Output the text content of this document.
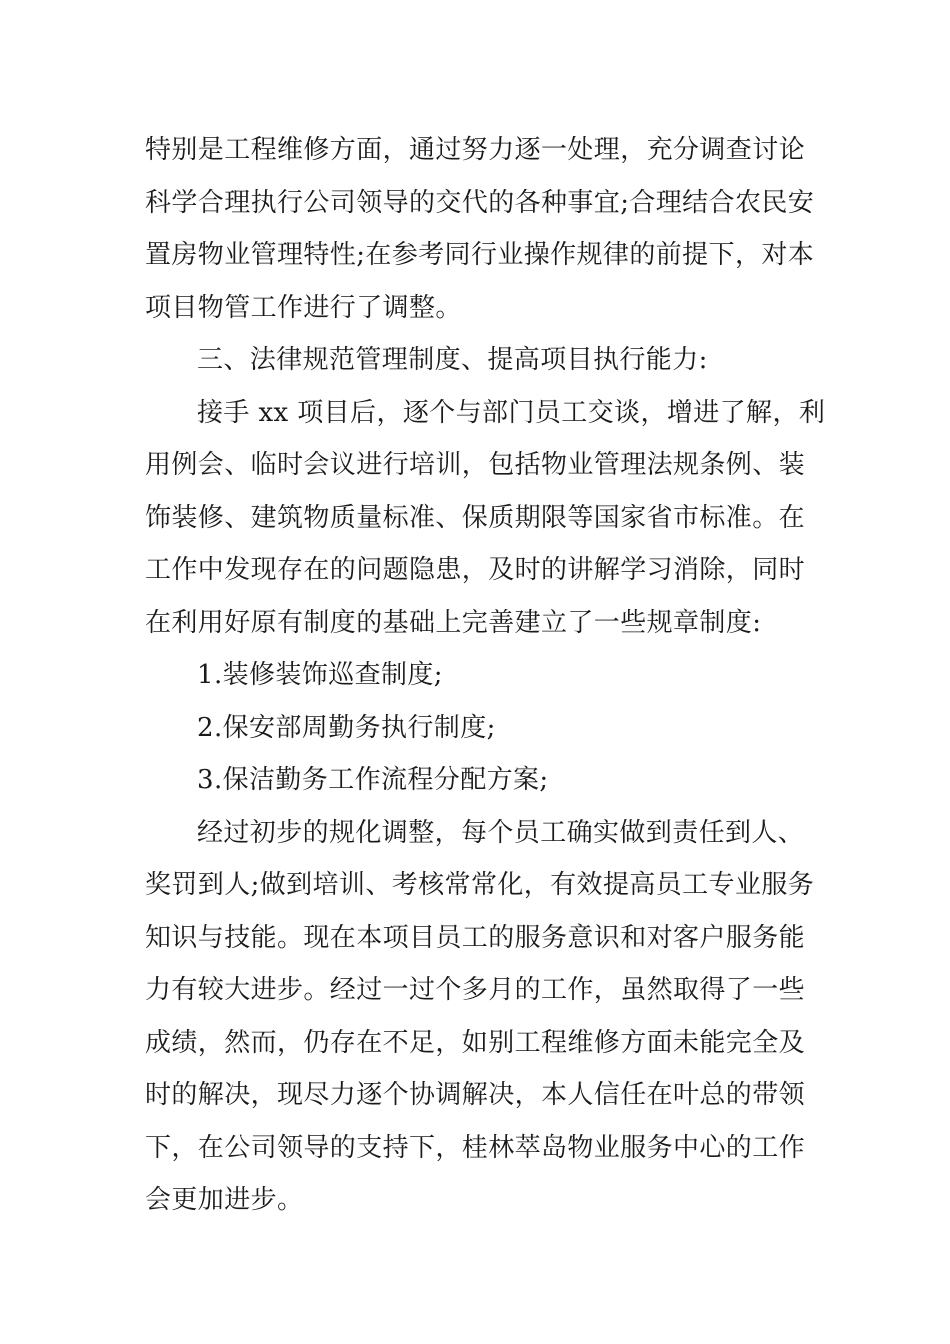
特别是工程维修方面，通过努力逐一处理，充分调查讨论
科学合理执行公司领导的交代的各种事宜;合理结合农民安
置房物业管理特性;在参考同行业操作规律的前提下，对本
项目物管工作进行了调整。
三、法律规范管理制度、提高项目执行能力:
接手 xx 项目后，逐个与部门员工交谈，增进了解，利
用例会、临时会议进行培训，包括物业管理法规条例、装
饰装修、建筑物质量标准、保质期限等国家省市标准。在
工作中发现存在的问题隐患，及时的讲解学习消除，同时
在利用好原有制度的基础上完善建立了一些规章制度:
1.装修装饰巡查制度;
2.保安部周勤务执行制度;
3.保洁勤务工作流程分配方案;
经过初步的规化调整，每个员工确实做到责任到人、
奖罚到人;做到培训、考核常常化，有效提高员工专业服务
知识与技能。现在本项目员工的服务意识和对客户服务能
力有较大进步。经过一过个多月的工作，虽然取得了一些
成绩，然而，仍存在不足，如别工程维修方面未能完全及
时的解决，现尽力逐个协调解决，本人信任在叶总的带领
下，在公司领导的支持下，桂林萃岛物业服务中心的工作
会更加进步。
